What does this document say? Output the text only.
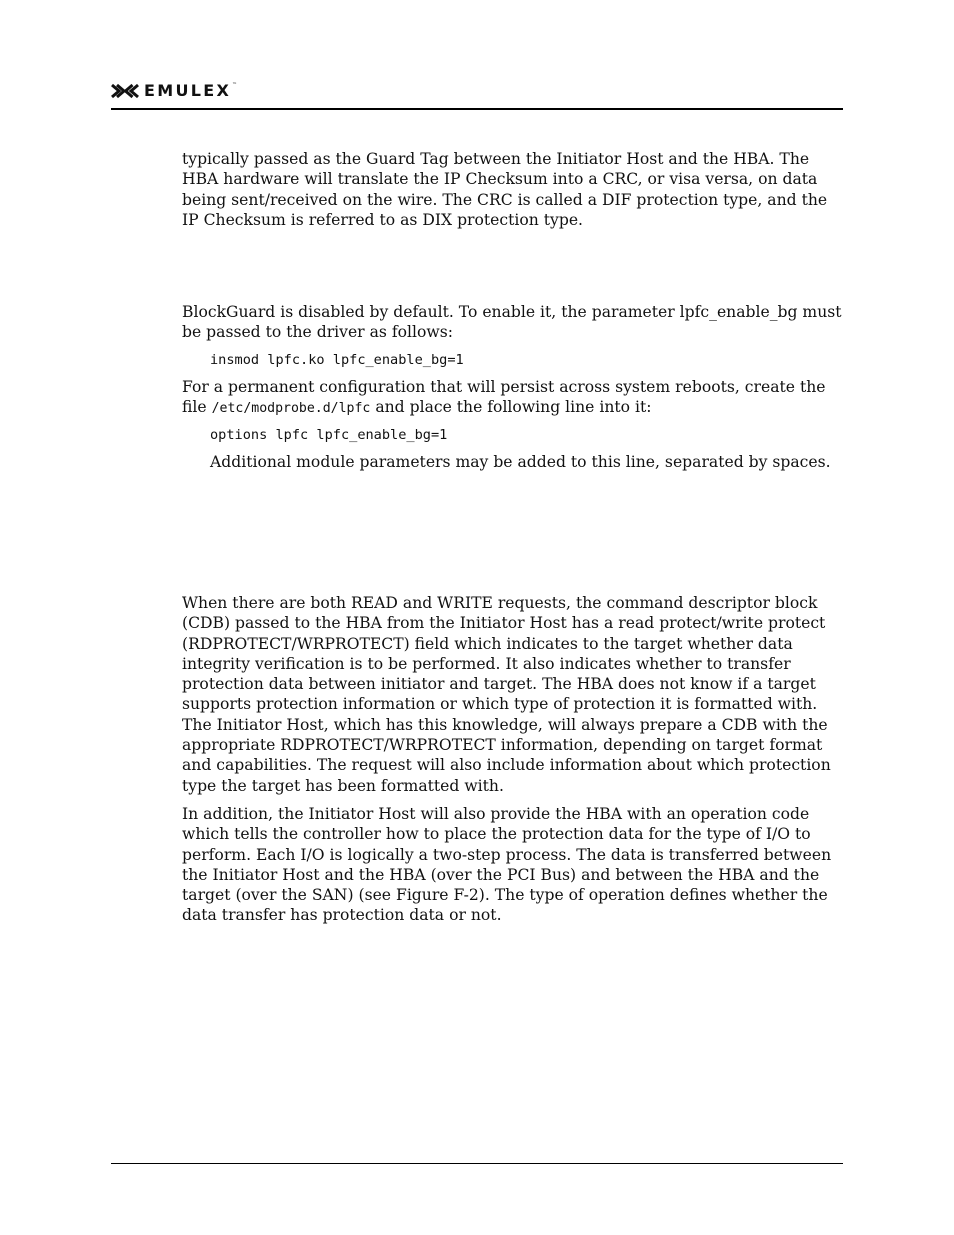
EMULEX ™

typically passed as the Guard Tag between the Initiator Host and the HBA. The HBA hardware will translate the IP Checksum into a CRC, or visa versa, on data being sent/received on the wire. The CRC is called a DIF protection type, and the IP Checksum is referred to as DIX protection type.

BlockGuard is disabled by default. To enable it, the parameter lpfc_enable_bg must be passed to the driver as follows:

insmod lpfc.ko lpfc_enable_bg=1

For a permanent configuration that will persist across system reboots, create the file /etc/modprobe.d/lpfc and place the following line into it:

options lpfc lpfc_enable_bg=1

Additional module parameters may be added to this line, separated by spaces.

When there are both READ and WRITE requests, the command descriptor block (CDB) passed to the HBA from the Initiator Host has a read protect/write protect (RDPROTECT/WRPROTECT) field which indicates to the target whether data integrity verification is to be performed. It also indicates whether to transfer protection data between initiator and target. The HBA does not know if a target supports protection information or which type of protection it is formatted with. The Initiator Host, which has this knowledge, will always prepare a CDB with the appropriate RDPROTECT/WRPROTECT information, depending on target format and capabilities. The request will also include information about which protection type the target has been formatted with.

In addition, the Initiator Host will also provide the HBA with an operation code which tells the controller how to place the protection data for the type of I/O to perform. Each I/O is logically a two-step process. The data is transferred between the Initiator Host and the HBA (over the PCI Bus) and between the HBA and the target (over the SAN) (see Figure F-2). The type of operation defines whether the data transfer has protection data or not.
